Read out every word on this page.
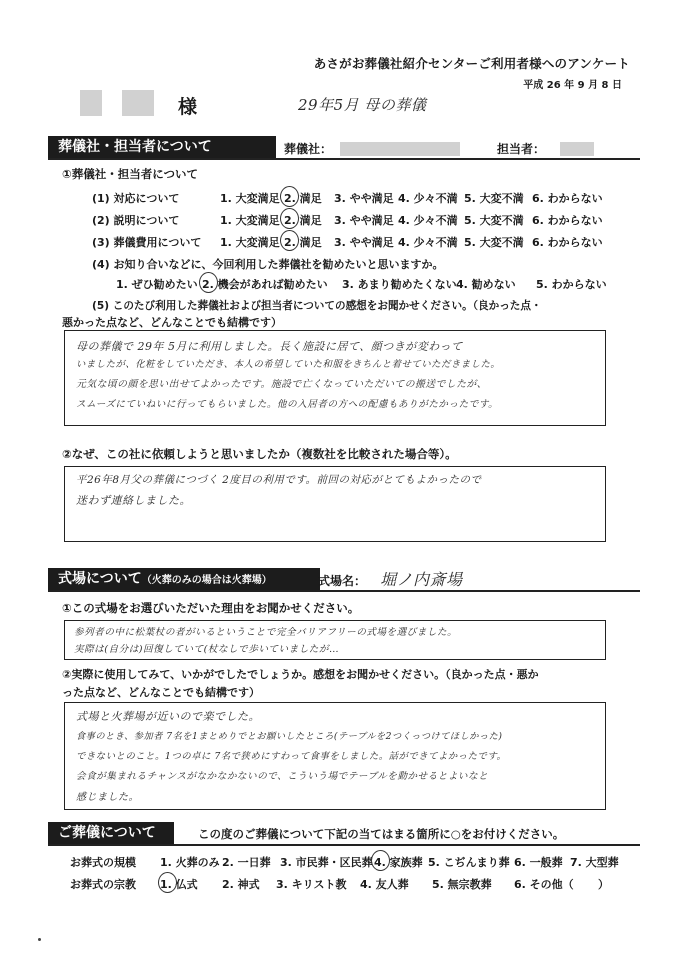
あさがお葬儀社紹介センターご利用者様へのアンケート
平成 26 年 9 月 8 日
様	29年5月 母の葬儀
葬儀社・担当者について	葬儀社：	担当者：
①葬儀社・担当者について
(1) 対応について	1. 大変満足 2. 満足 3. やや満足 4. 少々不満 5. 大変不満 6. わからない
(2) 説明について	1. 大変満足 2. 満足 3. やや満足 4. 少々不満 5. 大変不満 6. わからない
(3) 葬儀費用について 1. 大変満足 2. 満足 3. やや満足 4. 少々不満 5. 大変不満 6. わからない
(4) お知り合いなどに、今回利用した葬儀社を勧めたいと思いますか。
1. ぜひ勧めたい 2. 機会があれば勧めたい 3. あまり勧めたくない 4. 勧めない 5. わからない
(5) このたび利用した葬儀社および担当者についての感想をお聞かせください。（良かった点・
悪かった点など、どんなことでも結構です）
母の葬儀で 29年 5月に利用しました。長く施設に居て、顔つきが変わって
いましたが、化粧をしていただき、本人の希望していた和服をきちんと着せていただきました。
元気な頃の顔を思い出せてよかったです。施設で亡くなっていただいての搬送でしたが、
スムーズにていねいに行ってもらいました。他の入居者の方への配慮もありがたかったです。
②なぜ、この社に依頼しようと思いましたか（複数社を比較された場合等）。
平26年8月父の葬儀につづく 2度目の利用です。前回の対応がとてもよかったので
迷わず連絡しました。
式場について（火葬のみの場合は火葬場）	式場名： 堀ノ内斎場
①この式場をお選びいただいた理由をお聞かせください。
参列者の中に松葉杖の者がいるということで完全バリアフリーの式場を選びました。
実際は(自分は)回復していて(杖なしで歩いていましたが…
②実際に使用してみて、いかがでしたでしょうか。感想をお聞かせください。（良かった点・悪か
った点など、どんなことでも結構です）
式場と火葬場が近いので楽でした。
食事のとき、参加者 7名を1まとめりでとお願いしたところ(テーブルを2つくっつけてほしかった)
できないとのこと。1つの卓に 7名で狭めにすわって食事をしました。話ができてよかったです。
会食が集まれるチャンスがなかなかないので、こういう場でテーブルを動かせるとよいなと
感じました。
ご葬儀について	この度のご葬儀について下記の当てはまる箇所に○をお付けください。
お葬式の規模 1. 火葬のみ 2. 一日葬 3. 市民葬・区民葬 4. 家族葬 5. こぢんまり葬 6. 一般葬 7. 大型葬
お葬式の宗教 1. 仏式 2. 神式 3. キリスト教 4. 友人葬 5. 無宗教葬 6. その他（ ）
